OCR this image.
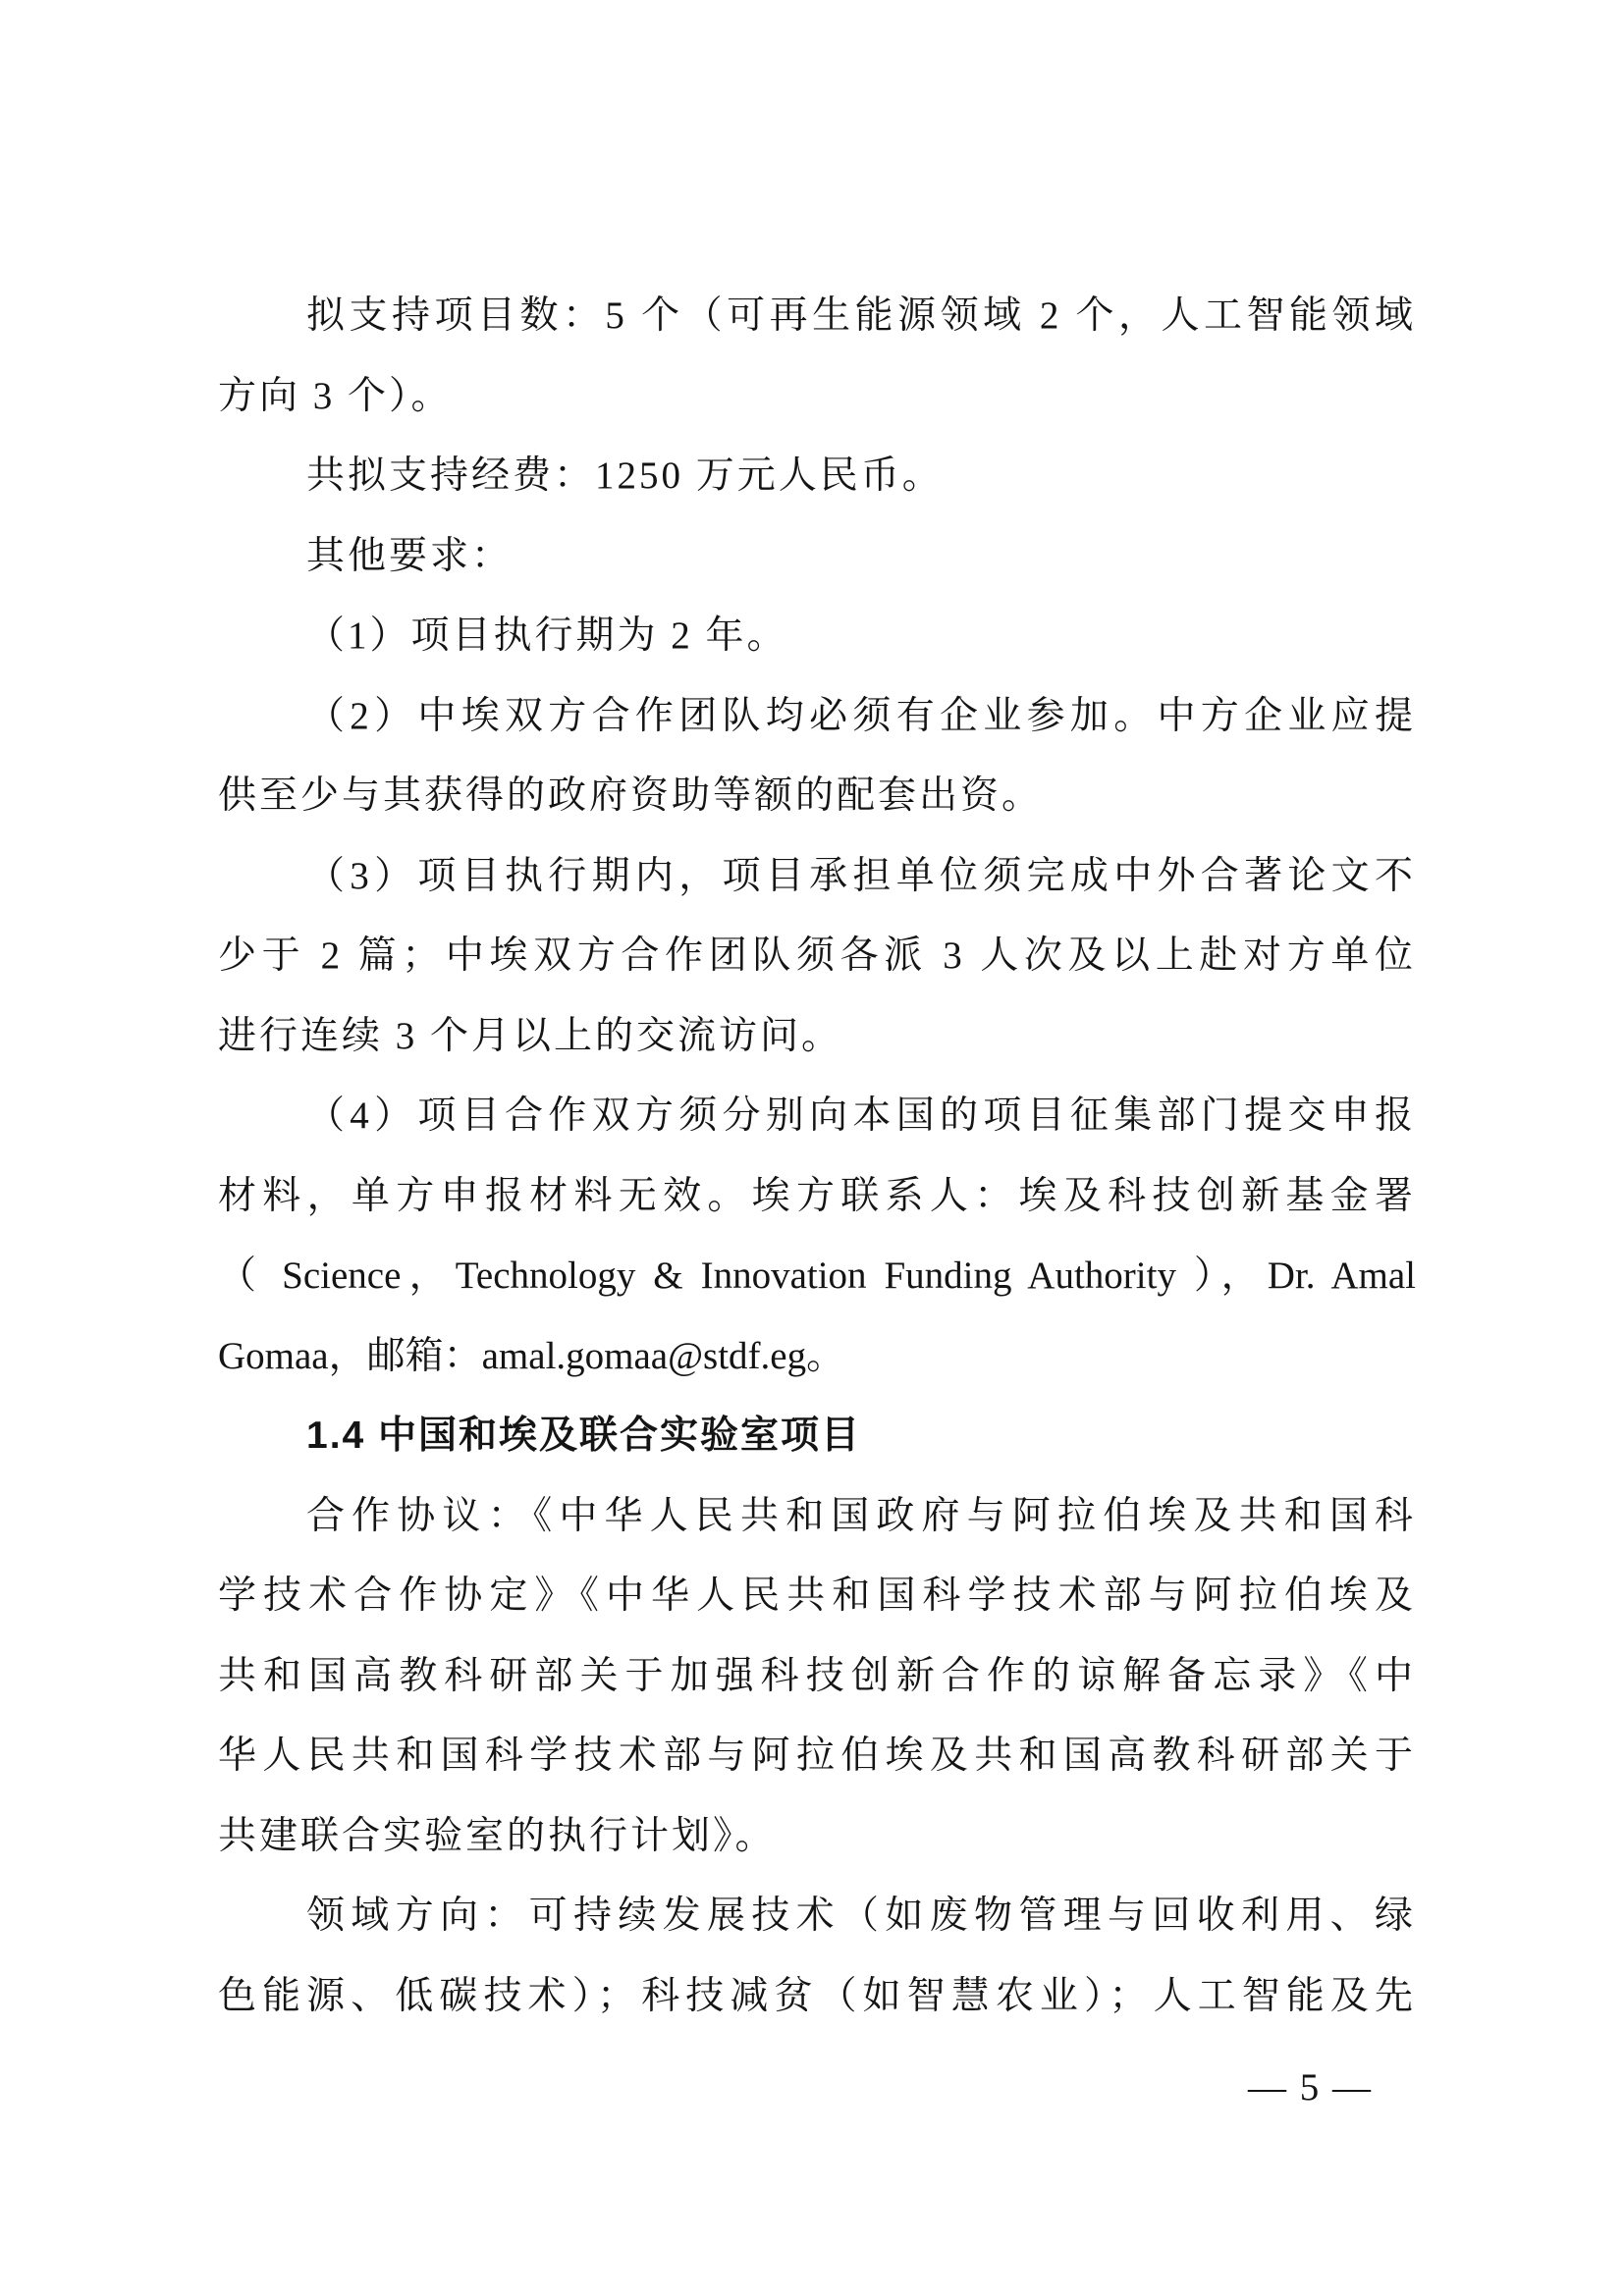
拟支持项目数：5 个（可再生能源领域 2 个，人工智能领域
方向 3 个）。
共拟支持经费：1250 万元人民币。
其他要求：
（1）项目执行期为 2 年。
（2）中埃双方合作团队均必须有企业参加。中方企业应提
供至少与其获得的政府资助等额的配套出资。
（3）项目执行期内，项目承担单位须完成中外合著论文不
少于 2 篇；中埃双方合作团队须各派 3 人次及以上赴对方单位
进行连续 3 个月以上的交流访问。
（4）项目合作双方须分别向本国的项目征集部门提交申报
材料，单方申报材料无效。埃方联系人：埃及科技创新基金署
（ Science，Technology & Innovation Funding Authority ），Dr. Amal
Gomaa，邮箱：amal.gomaa@stdf.eg。
1.4 中国和埃及联合实验室项目
合作协议：《中华人民共和国政府与阿拉伯埃及共和国科
学技术合作协定》《中华人民共和国科学技术部与阿拉伯埃及
共和国高教科研部关于加强科技创新合作的谅解备忘录》《中
华人民共和国科学技术部与阿拉伯埃及共和国高教科研部关于
共建联合实验室的执行计划》。
领域方向：可持续发展技术（如废物管理与回收利用、绿
色能源、低碳技术）；科技减贫（如智慧农业）；人工智能及先
— 5 —
